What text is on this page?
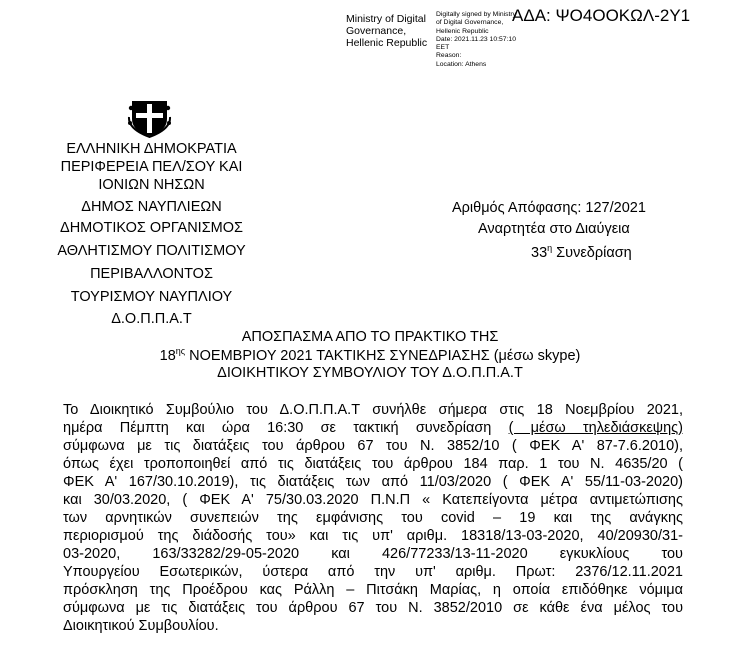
ΑΔΑ: ΨΟ4ΟΟΚΩΛ-2Υ1
Ministry of Digital
Governance,
Hellenic Republic
Digitally signed by Ministry
of Digital Governance,
Hellenic Republic
Date: 2021.11.23 10:57:10
EET
Reason:
Location: Athens
ΕΛΛΗΝΙΚΗ ΔΗΜΟΚΡΑΤΙΑ
ΠΕΡΙΦΕΡΕΙΑ ΠΕΛ/ΣΟΥ ΚΑΙ
ΙΟΝΙΩΝ ΝΗΣΩΝ
ΔΗΜΟΣ ΝΑΥΠΛΙΕΩΝ
ΔΗΜΟΤΙΚΟΣ ΟΡΓΑΝΙΣΜΟΣ
ΑΘΛΗΤΙΣΜΟΥ ΠΟΛΙΤΙΣΜΟΥ
ΠΕΡΙΒΑΛΛΟΝΤΟΣ
ΤΟΥΡΙΣΜΟΥ ΝΑΥΠΛΙΟΥ
Δ.Ο.Π.Π.Α.Τ
Αριθμός Απόφασης: 127/2021
Αναρτητέα στο Διαύγεια
$33^\eta$ Συνεδρίαση
ΑΠΟΣΠΑΣΜΑ ΑΠΟ ΤΟ ΠΡΑΚΤΙΚΟ ΤΗΣ
$18^{\eta\varsigma}$ ΝΟΕΜΒΡΙΟΥ 2021 ΤΑΚΤΙΚΗΣ ΣΥΝΕΔΡΙΑΣΗΣ (μέσω skype)
ΔΙΟΙΚΗΤΙΚΟΥ ΣΥΜΒΟΥΛΙΟΥ ΤΟΥ Δ.Ο.Π.Π.Α.Τ
Το Διοικητικό Συμβούλιο του Δ.Ο.Π.Π.Α.Τ συνήλθε σήμερα στις 18 Νοεμβρίου 2021,
ημέρα Πέμπτη και ώρα 16:30 σε τακτική συνεδρίαση ( μέσω τηλεδιάσκεψης)
σύμφωνα με τις διατάξεις του άρθρου 67 του Ν. 3852/10 ( ΦΕΚ Α' 87-7.6.2010),
όπως έχει τροποποιηθεί από τις διατάξεις του άρθρου 184 παρ. 1 του Ν. 4635/20 (
ΦΕΚ Α' 167/30.10.2019), τις διατάξεις των από 11/03/2020 ( ΦΕΚ Α' 55/11-03-2020)
και 30/03.2020, ( ΦΕΚ Α' 75/30.03.2020 Π.Ν.Π « Κατεπείγοντα μέτρα αντιμετώπισης
των αρνητικών συνεπειών της εμφάνισης του covid – 19 και της ανάγκης
περιορισμού της διάδοσής του» και τις υπ' αριθμ. 18318/13-03-2020, 40/20930/31-
03-2020, 163/33282/29-05-2020 και 426/77233/13-11-2020 εγκυκλίους του
Υπουργείου Εσωτερικών, ύστερα από την υπ' αριθμ. Πρωτ: 2376/12.11.2021
πρόσκληση της Προέδρου κας Ράλλη – Πιτσάκη Μαρίας, η οποία επιδόθηκε νόμιμα
σύμφωνα με τις διατάξεις του άρθρου 67 του Ν. 3852/2010 σε κάθε ένα μέλος του
Διοικητικού Συμβουλίου.
